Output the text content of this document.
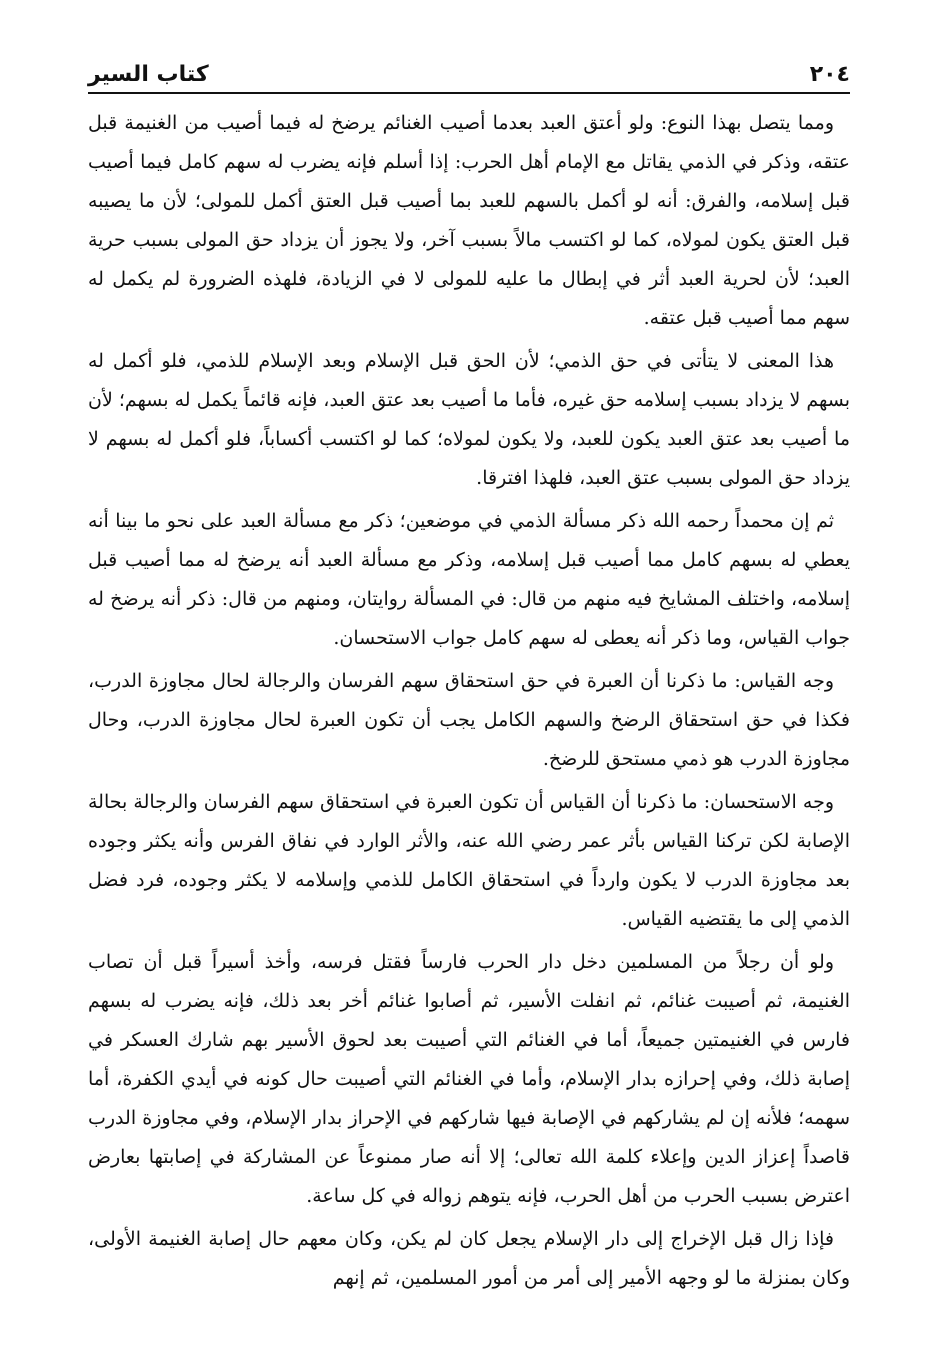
٢٠٤
كتاب السير

ومما يتصل بهذا النوع: ولو أعتق العبد بعدما أصيب الغنائم يرضخ له فيما أصيب من الغنيمة قبل عتقه، وذكر في الذمي يقاتل مع الإمام أهل الحرب: إذا أسلم فإنه يضرب له سهم كامل فيما أصيب قبل إسلامه، والفرق: أنه لو أكمل بالسهم للعبد بما أصيب قبل العتق أكمل للمولى؛ لأن ما يصيبه قبل العتق يكون لمولاه، كما لو اكتسب مالاً بسبب آخر، ولا يجوز أن يزداد حق المولى بسبب حرية العبد؛ لأن لحرية العبد أثر في إبطال ما عليه للمولى لا في الزيادة، فلهذه الضرورة لم يكمل له سهم مما أصيب قبل عتقه.

هذا المعنى لا يتأتى في حق الذمي؛ لأن الحق قبل الإسلام وبعد الإسلام للذمي، فلو أكمل له بسهم لا يزداد بسبب إسلامه حق غيره، فأما ما أصيب بعد عتق العبد، فإنه قائماً يكمل له بسهم؛ لأن ما أصيب بعد عتق العبد يكون للعبد، ولا يكون لمولاه؛ كما لو اكتسب أكساباً، فلو أكمل له بسهم لا يزداد حق المولى بسبب عتق العبد، فلهذا افترقا.

ثم إن محمداً رحمه الله ذكر مسألة الذمي في موضعين؛ ذكر مع مسألة العبد على نحو ما بينا أنه يعطي له بسهم كامل مما أصيب قبل إسلامه، وذكر مع مسألة العبد أنه يرضخ له مما أصيب قبل إسلامه، واختلف المشايخ فيه منهم من قال: في المسألة روايتان، ومنهم من قال: ذكر أنه يرضخ له جواب القياس، وما ذكر أنه يعطى له سهم كامل جواب الاستحسان.

وجه القياس: ما ذكرنا أن العبرة في حق استحقاق سهم الفرسان والرجالة لحال مجاوزة الدرب، فكذا في حق استحقاق الرضخ والسهم الكامل يجب أن تكون العبرة لحال مجاوزة الدرب، وحال مجاوزة الدرب هو ذمي مستحق للرضخ.

وجه الاستحسان: ما ذكرنا أن القياس أن تكون العبرة في استحقاق سهم الفرسان والرجالة بحالة الإصابة لكن تركنا القياس بأثر عمر رضي الله عنه، والأثر الوارد في نفاق الفرس وأنه يكثر وجوده بعد مجاوزة الدرب لا يكون وارداً في استحقاق الكامل للذمي وإسلامه لا يكثر وجوده، فرد فضل الذمي إلى ما يقتضيه القياس.

ولو أن رجلاً من المسلمين دخل دار الحرب فارساً فقتل فرسه، وأخذ أسيراً قبل أن تصاب الغنيمة، ثم أصيبت غنائم، ثم انفلت الأسير، ثم أصابوا غنائم أخر بعد ذلك، فإنه يضرب له بسهم فارس في الغنيمتين جميعاً، أما في الغنائم التي أصيبت بعد لحوق الأسير بهم شارك العسكر في إصابة ذلك، وفي إحرازه بدار الإسلام، وأما في الغنائم التي أصيبت حال كونه في أيدي الكفرة، أما سهمه؛ فلأنه إن لم يشاركهم في الإصابة فيها شاركهم في الإحراز بدار الإسلام، وفي مجاوزة الدرب قاصداً إعزاز الدين وإعلاء كلمة الله تعالى؛ إلا أنه صار ممنوعاً عن المشاركة في إصابتها بعارض اعترض بسبب الحرب من أهل الحرب، فإنه يتوهم زواله في كل ساعة.

فإذا زال قبل الإخراج إلى دار الإسلام يجعل كان لم يكن، وكان معهم حال إصابة الغنيمة الأولى، وكان بمنزلة ما لو وجهه الأمير إلى أمر من أمور المسلمين، ثم إنهم
